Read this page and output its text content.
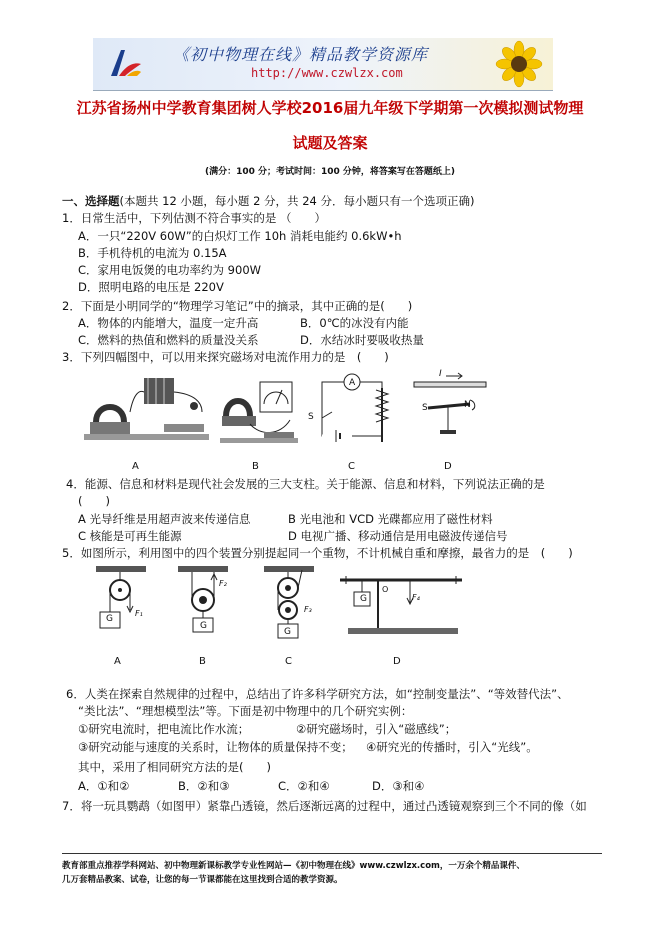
《初中物理在线》精品教学资源库
http://www.czwlzx.com
江苏省扬州中学教育集团树人学校2016届九年级下学期第一次模拟测试物理
试题及答案
(满分：100 分；考试时间：100 分钟，将答案写在答题纸上)
一、选择题(本题共 12 小题，每小题 2 分，共 24 分．每小题只有一个选项正确)
1．日常生活中，下列估测不符合事实的是 （　　）
A．一只“220V 60W”的白炽灯工作 10h 消耗电能约 0.6kW•h
B．手机待机的电流为 0.15A
C．家用电饭煲的电功率约为 900W
D．照明电路的电压是 220V
2．下面是小明同学的“物理学习笔记”中的摘录，其中正确的是(　　)
A．物体的内能增大，温度一定升高	B．0℃的冰没有内能
C．燃料的热值和燃料的质量没关系	D．水结冰时要吸收热量
3．下列四幅图中，可以用来探究磁场对电流作用力的是　(　　)
A	B
A
S
C
I
S	N
D
4．能源、信息和材料是现代社会发展的三大支柱。关于能源、信息和材料，下列说法正确的是
(　　)
A 光导纤维是用超声波来传递信息	B 光电池和 VCD 光碟都应用了磁性材料
C 核能是可再生能源	D 电视广播、移动通信是用电磁波传递信号
5．如图所示，利用图中的四个装置分别提起同一个重物，不计机械自重和摩擦，最省力的是　(　　)
G
F₁
A
G
F₂
B
G
F₃
C
G
O
F₄
D
6．人类在探索自然规律的过程中，总结出了许多科学研究方法，如“控制变量法”、“等效替代法”、
“类比法”、“理想模型法”等。下面是初中物理中的几个研究实例：
①研究电流时，把电流比作水流；	②研究磁场时，引入“磁感线”；
③研究动能与速度的关系时，让物体的质量保持不变； ④研究光的传播时，引入“光线”。
其中，采用了相同研究方法的是(　　)
A．①和②	B．②和③	C．②和④	D．③和④
7．将一玩具鹦鹉（如图甲）紧靠凸透镜，然后逐渐远离的过程中，通过凸透镜观察到三个不同的像（如
教育部重点推荐学科网站、初中物理新课标教学专业性网站—《初中物理在线》www.czwlzx.com，一万余个精品课件、
几万套精品教案、试卷，让您的每一节课都能在这里找到合适的教学资源。
